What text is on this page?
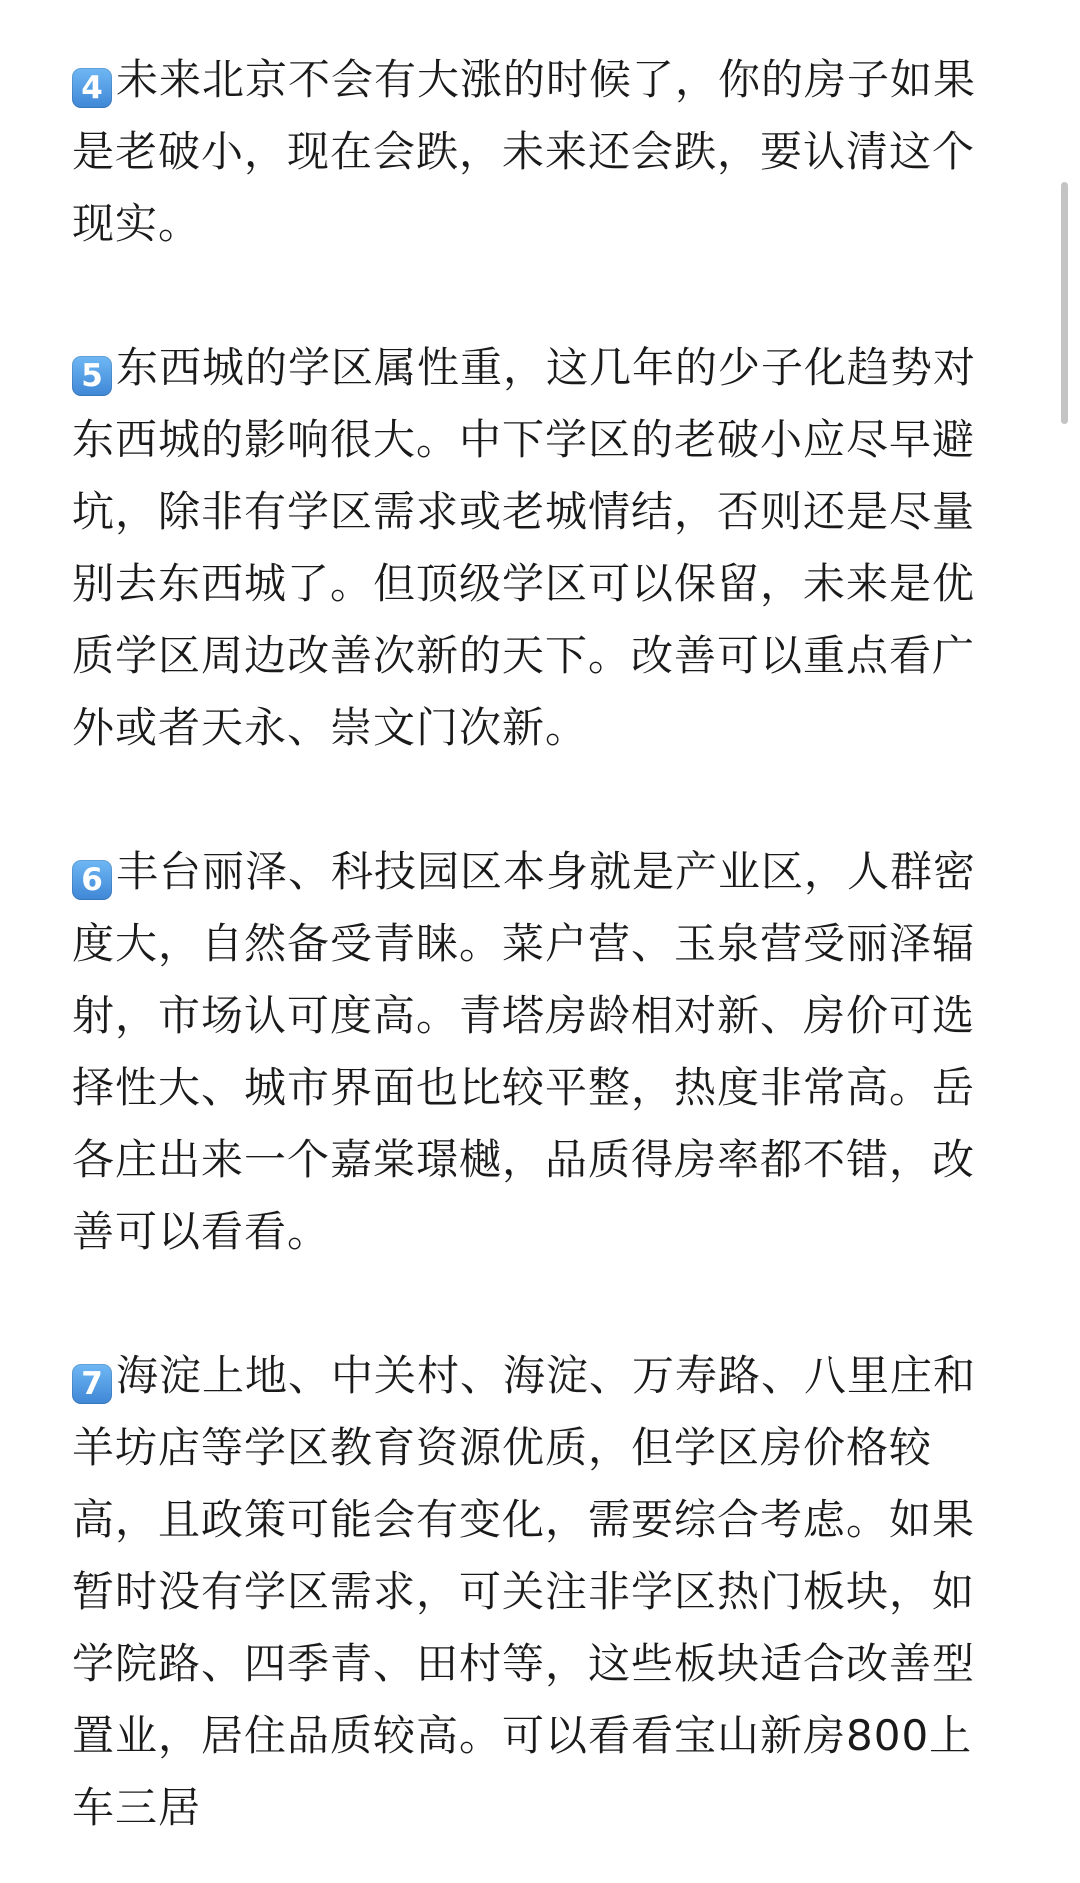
4 未来北京不会有大涨的时候了，你的房子如果是老破小，现在会跌，未来还会跌，要认清这个现实。

5 东西城的学区属性重，这几年的少子化趋势对东西城的影响很大。中下学区的老破小应尽早避坑，除非有学区需求或老城情结，否则还是尽量别去东西城了。但顶级学区可以保留，未来是优质学区周边改善次新的天下。改善可以重点看广外或者天永、崇文门次新。

6 丰台丽泽、科技园区本身就是产业区，人群密度大，自然备受青睐。菜户营、玉泉营受丽泽辐射，市场认可度高。青塔房龄相对新、房价可选择性大、城市界面也比较平整，热度非常高。岳各庄出来一个嘉棠璟樾，品质得房率都不错，改善可以看看。

7 海淀上地、中关村、海淀、万寿路、八里庄和羊坊店等学区教育资源优质，但学区房价格较高，且政策可能会有变化，需要综合考虑。如果暂时没有学区需求，可关注非学区热门板块，如学院路、四季青、田村等，这些板块适合改善型置业，居住品质较高。可以看看宝山新房800上车三居
